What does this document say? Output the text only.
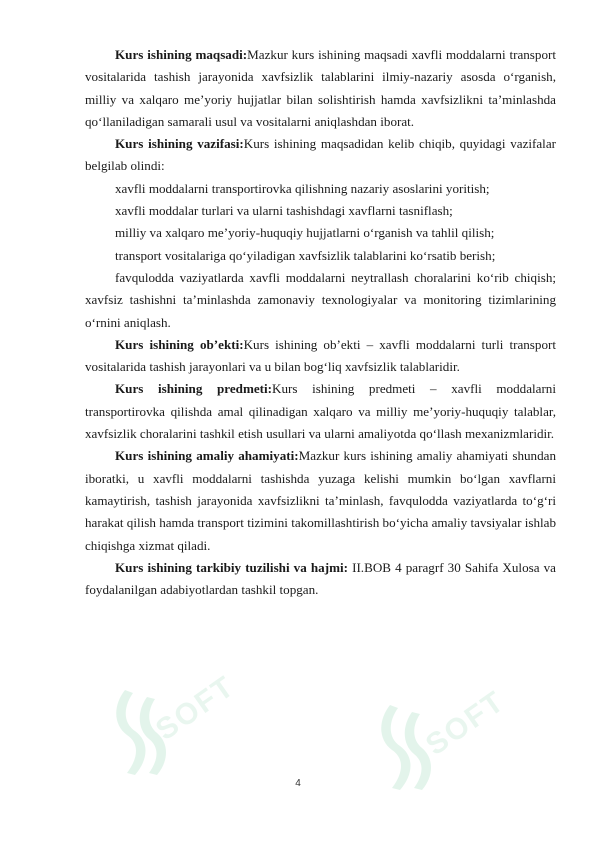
SOFT	SOFT

Kurs ishining maqsadi:Mazkur kurs ishining maqsadi xavfli moddalarni transport vositalarida tashish jarayonida xavfsizlik talablarini ilmiy-nazariy asosda o‘rganish, milliy va xalqaro me’yoriy hujjatlar bilan solishtirish hamda xavfsizlikni ta’minlashda qo‘llaniladigan samarali usul va vositalarni aniqlashdan iborat.

Kurs ishining vazifasi:Kurs ishining maqsadidan kelib chiqib, quyidagi vazifalar belgilab olindi:

xavfli moddalarni transportirovka qilishning nazariy asoslarini yoritish;

xavfli moddalar turlari va ularni tashishdagi xavflarni tasniflash;

milliy va xalqaro me’yoriy-huquqiy hujjatlarni o‘rganish va tahlil qilish;

transport vositalariga qo‘yiladigan xavfsizlik talablarini ko‘rsatib berish;

favqulodda vaziyatlarda xavfli moddalarni neytrallash choralarini ko‘rib chiqish; xavfsiz tashishni ta’minlashda zamonaviy texnologiyalar va monitoring tizimlarining o‘rnini aniqlash.

Kurs ishining ob’ekti:Kurs ishining ob’ekti – xavfli moddalarni turli transport vositalarida tashish jarayonlari va u bilan bog‘liq xavfsizlik talablaridir.

Kurs ishining predmeti:Kurs ishining predmeti – xavfli moddalarni transportirovka qilishda amal qilinadigan xalqaro va milliy me’yoriy-huquqiy talablar, xavfsizlik choralarini tashkil etish usullari va ularni amaliyotda qo‘llash mexanizmlaridir.

Kurs ishining amaliy ahamiyati:Mazkur kurs ishining amaliy ahamiyati shundan iboratki, u xavfli moddalarni tashishda yuzaga kelishi mumkin bo‘lgan xavflarni kamaytirish, tashish jarayonida xavfsizlikni ta’minlash, favqulodda vaziyatlarda to‘g‘ri harakat qilish hamda transport tizimini takomillashtirish bo‘yicha amaliy tavsiyalar ishlab chiqishga xizmat qiladi.

Kurs ishining tarkibiy tuzilishi va hajmi: II.BOB 4 paragrf 30 Sahifa Xulosa va foydalanilgan adabiyotlardan tashkil topgan.

4
